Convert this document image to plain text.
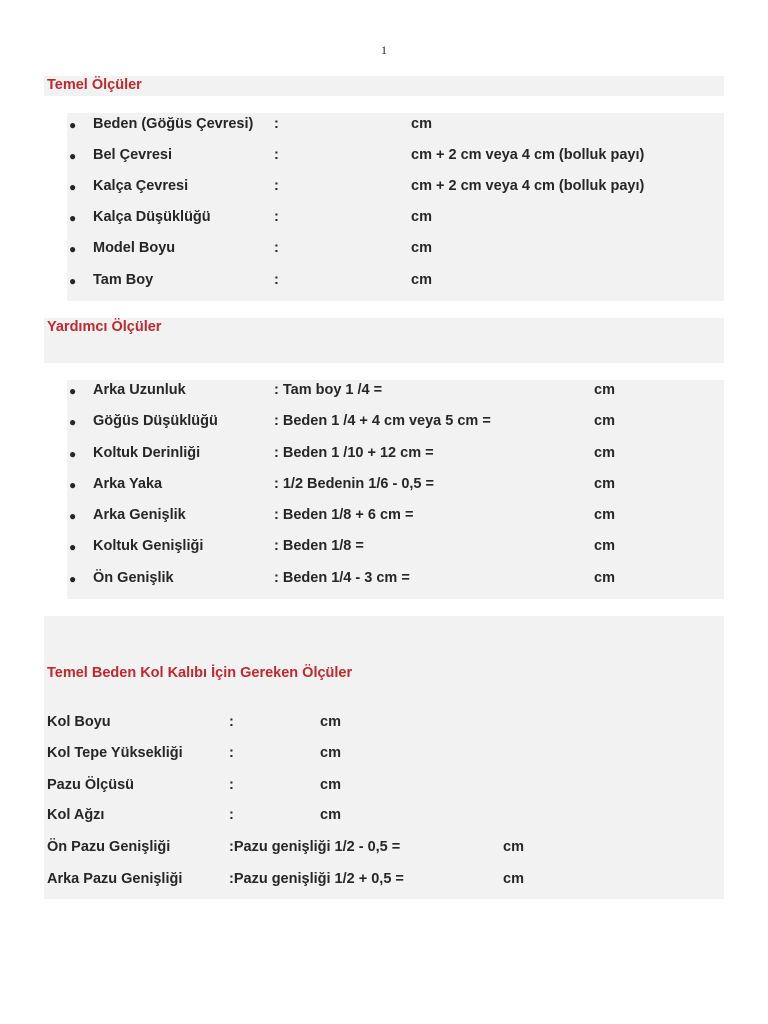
1
Temel Ölçüler
● Beden (Göğüs Çevresi) :	cm
● Bel Çevresi	:	cm + 2 cm veya 4 cm (bolluk payı)
● Kalça Çevresi	:	cm + 2 cm veya 4 cm (bolluk payı)
● Kalça Düşüklüğü	:	cm
● Model Boyu	:	cm
● Tam Boy	:	cm
Yardımcı Ölçüler
● Arka Uzunluk	: Tam boy 1 /4 =	cm
● Göğüs Düşüklüğü	: Beden 1 /4 + 4 cm veya 5 cm =	cm
● Koltuk Derinliği	: Beden 1 /10 + 12 cm =	cm
● Arka Yaka	: 1/2 Bedenin 1/6 - 0,5 =	cm
● Arka Genişlik	: Beden 1/8 + 6 cm =	cm
● Koltuk Genişliği	: Beden 1/8 =	cm
● Ön Genişlik	: Beden 1/4 - 3 cm =	cm
Temel Beden Kol Kalıbı İçin Gereken Ölçüler
Kol Boyu	:	cm
Kol Tepe Yüksekliği	:	cm
Pazu Ölçüsü	:	cm
Kol Ağzı	:	cm
Ön Pazu Genişliği	:Pazu genişliği 1/2 - 0,5 =	cm
Arka Pazu Genişliği	:Pazu genişliği 1/2 + 0,5 =	cm
